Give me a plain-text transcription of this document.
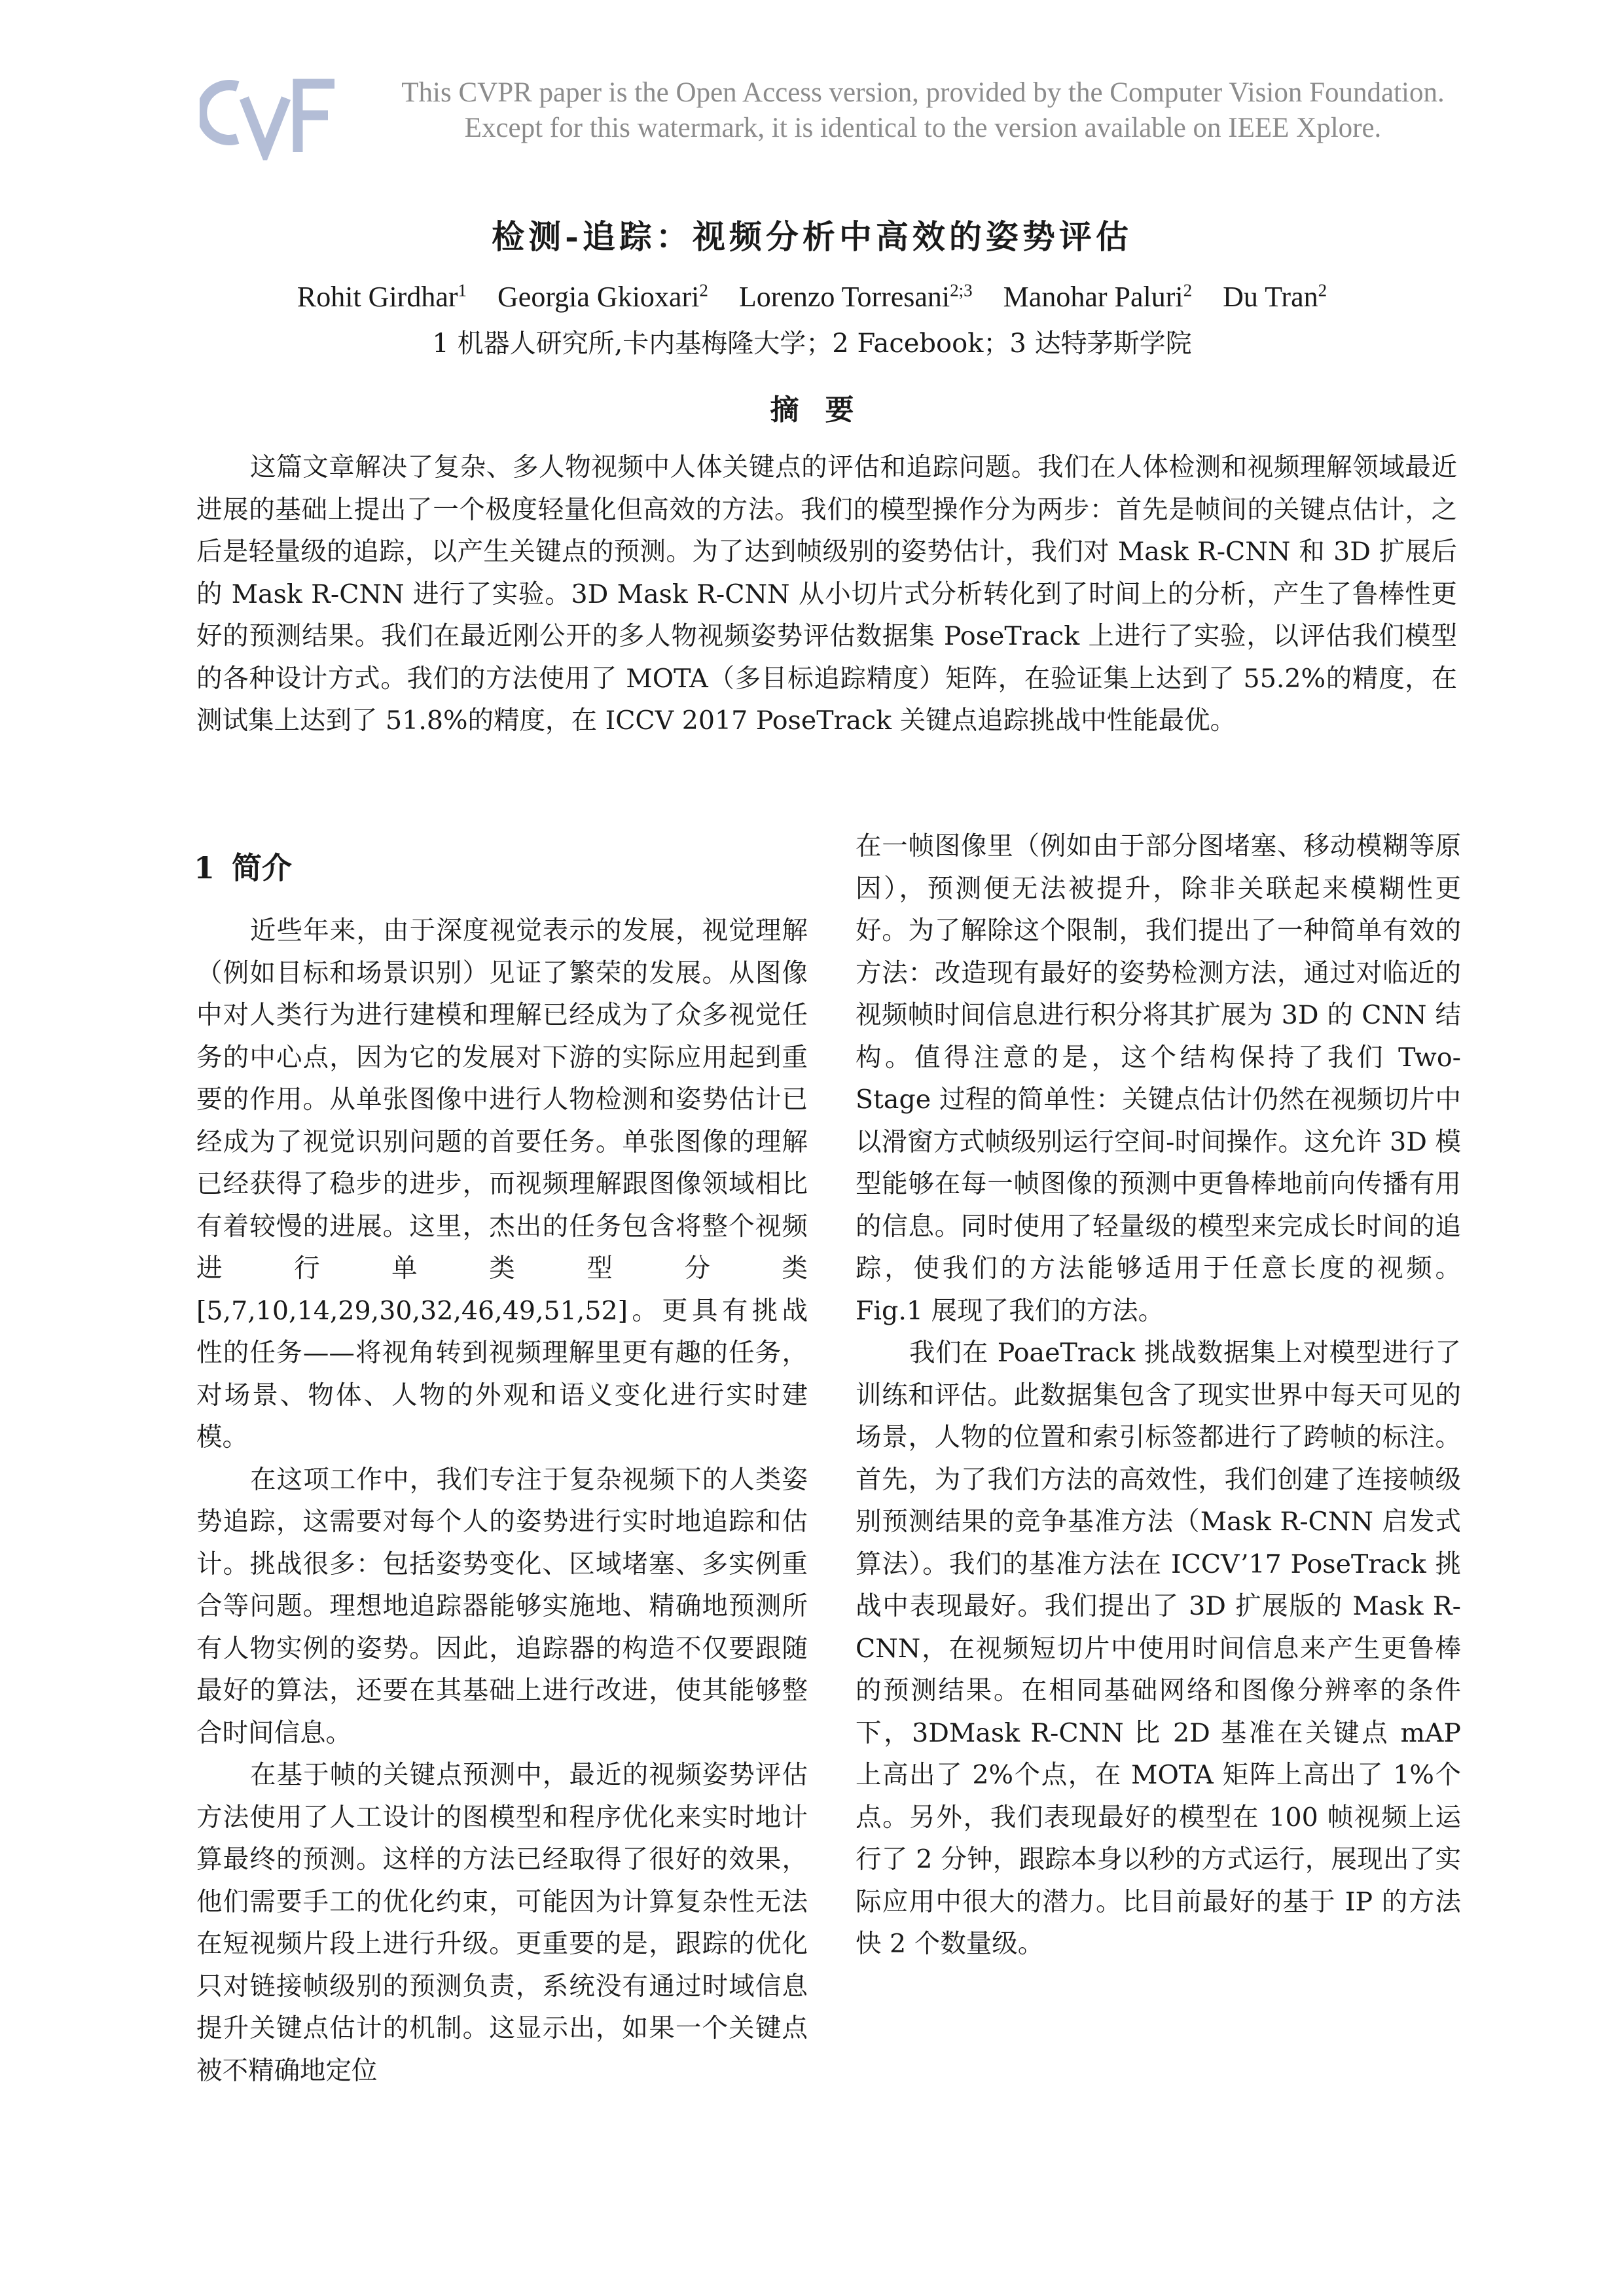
This CVPR paper is the Open Access version, provided by the Computer Vision Foundation.
Except for this watermark, it is identical to the version available on IEEE Xplore.
检测-追踪：视频分析中高效的姿势评估
Rohit Girdhar$^1$ Georgia Gkioxari$^2$ Lorenzo Torresani$^{2;3}$ Manohar Paluri$^2$ Du Tran$^2$
1 机器人研究所,卡内基梅隆大学；2 Facebook；3 达特茅斯学院
摘要

这篇文章解决了复杂、多人物视频中人体关键点的评估和追踪问题。我们在人体检测和视频理解领域最近进展的基础上提出了一个极度轻量化但高效的方法。我们的模型操作分为两步：首先是帧间的关键点估计，之后是轻量级的追踪，以产生关键点的预测。为了达到帧级别的姿势估计，我们对 Mask R-CNN 和 3D 扩展后的 Mask R-CNN 进行了实验。3D Mask R-CNN 从小切片式分析转化到了时间上的分析，产生了鲁棒性更好的预测结果。我们在最近刚公开的多人物视频姿势评估数据集 PoseTrack 上进行了实验，以评估我们模型的各种设计方式。我们的方法使用了 MOTA（多目标追踪精度）矩阵，在验证集上达到了 55.2%的精度，在测试集上达到了 51.8%的精度，在 ICCV 2017 PoseTrack 关键点追踪挑战中性能最优。

1 简介

近些年来，由于深度视觉表示的发展，视觉理解（例如目标和场景识别）见证了繁荣的发展。从图像中对人类行为进行建模和理解已经成为了众多视觉任务的中心点，因为它的发展对下游的实际应用起到重要的作用。从单张图像中进行人物检测和姿势估计已经成为了视觉识别问题的首要任务。单张图像的理解已经获得了稳步的进步，而视频理解跟图像领域相比有着较慢的进展。这里，杰出的任务包含将整个视频进行单类型分类[5,7,10,14,29,30,32,46,49,51,52]。更具有挑战性的任务——将视角转到视频理解里更有趣的任务，对场景、物体、人物的外观和语义变化进行实时建模。

在这项工作中，我们专注于复杂视频下的人类姿势追踪，这需要对每个人的姿势进行实时地追踪和估计。挑战很多：包括姿势变化、区域堵塞、多实例重合等问题。理想地追踪器能够实施地、精确地预测所有人物实例的姿势。因此，追踪器的构造不仅要跟随最好的算法，还要在其基础上进行改进，使其能够整合时间信息。

在基于帧的关键点预测中，最近的视频姿势评估方法使用了人工设计的图模型和程序优化来实时地计算最终的预测。这样的方法已经取得了很好的效果，他们需要手工的优化约束，可能因为计算复杂性无法在短视频片段上进行升级。更重要的是，跟踪的优化只对链接帧级别的预测负责，系统没有通过时域信息提升关键点估计的机制。这显示出，如果一个关键点被不精确地定位

在一帧图像里（例如由于部分图堵塞、移动模糊等原因），预测便无法被提升，除非关联起来模糊性更好。为了解除这个限制，我们提出了一种简单有效的方法：改造现有最好的姿势检测方法，通过对临近的视频帧时间信息进行积分将其扩展为 3D 的 CNN 结构。值得注意的是，这个结构保持了我们 Two-Stage 过程的简单性：关键点估计仍然在视频切片中以滑窗方式帧级别运行空间-时间操作。这允许 3D 模型能够在每一帧图像的预测中更鲁棒地前向传播有用的信息。同时使用了轻量级的模型来完成长时间的追踪，使我们的方法能够适用于任意长度的视频。Fig.1 展现了我们的方法。

我们在 PoaeTrack 挑战数据集上对模型进行了训练和评估。此数据集包含了现实世界中每天可见的场景，人物的位置和索引标签都进行了跨帧的标注。首先，为了我们方法的高效性，我们创建了连接帧级别预测结果的竞争基准方法（Mask R-CNN 启发式算法）。我们的基准方法在 ICCV’17 PoseTrack 挑战中表现最好。我们提出了 3D 扩展版的 Mask R-CNN，在视频短切片中使用时间信息来产生更鲁棒的预测结果。在相同基础网络和图像分辨率的条件下，3DMask R-CNN 比 2D 基准在关键点 mAP 上高出了 2%个点，在 MOTA 矩阵上高出了 1%个点。另外，我们表现最好的模型在 100 帧视频上运行了 2 分钟，跟踪本身以秒的方式运行，展现出了实际应用中很大的潜力。比目前最好的基于 IP 的方法快 2 个数量级。
